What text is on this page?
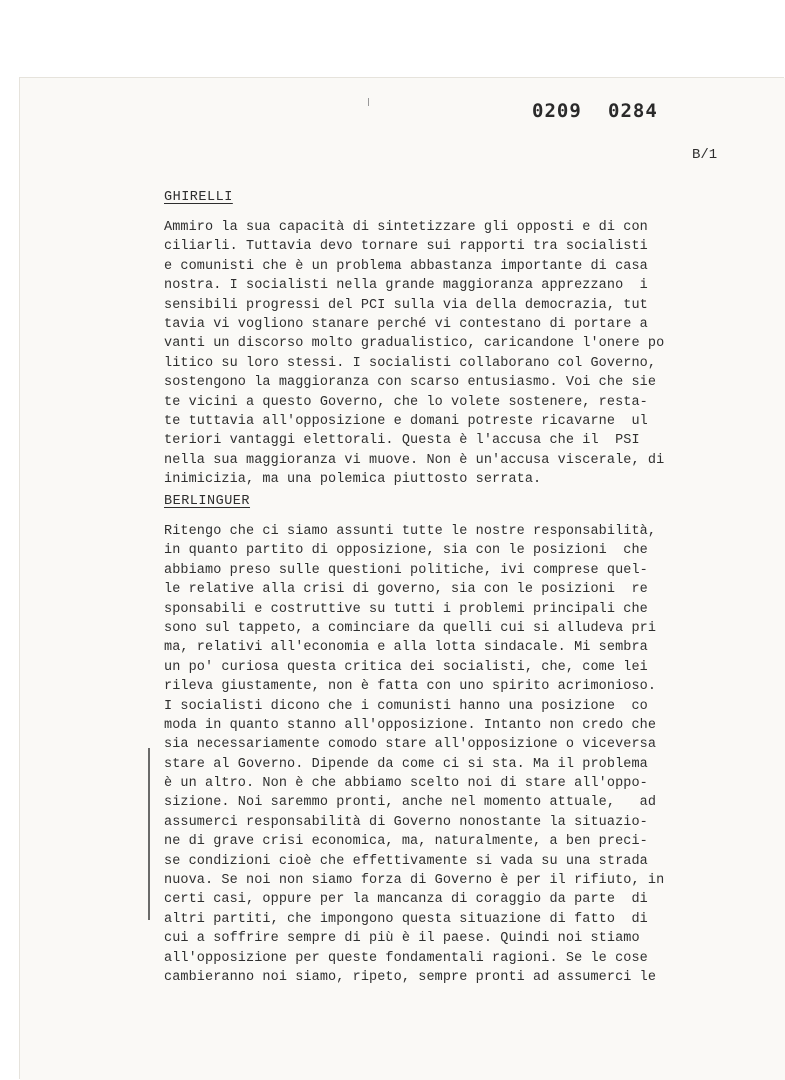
0209 0284
B/1
GHIRELLI
Ammiro la sua capacità di sintetizzare gli opposti e di con
ciliarli. Tuttavia devo tornare sui rapporti tra socialisti
e comunisti che è un problema abbastanza importante di casa
nostra. I socialisti nella grande maggioranza apprezzano  i
sensibili progressi del PCI sulla via della democrazia, tut
tavia vi vogliono stanare perché vi contestano di portare a
vanti un discorso molto gradualistico, caricandone l'onere po
litico su loro stessi. I socialisti collaborano col Governo,
sostengono la maggioranza con scarso entusiasmo. Voi che sie
te vicini a questo Governo, che lo volete sostenere, resta-
te tuttavia all'opposizione e domani potreste ricavarne  ul
teriori vantaggi elettorali. Questa è l'accusa che il  PSI
nella sua maggioranza vi muove. Non è un'accusa viscerale, di
inimicizia, ma una polemica piuttosto serrata.
BERLINGUER
Ritengo che ci siamo assunti tutte le nostre responsabilità,
in quanto partito di opposizione, sia con le posizioni  che
abbiamo preso sulle questioni politiche, ivi comprese quel-
le relative alla crisi di governo, sia con le posizioni  re
sponsabili e costruttive su tutti i problemi principali che
sono sul tappeto, a cominciare da quelli cui si alludeva pri
ma, relativi all'economia e alla lotta sindacale. Mi sembra
un po' curiosa questa critica dei socialisti, che, come lei
rileva giustamente, non è fatta con uno spirito acrimonioso.
I socialisti dicono che i comunisti hanno una posizione  co
moda in quanto stanno all'opposizione. Intanto non credo che
sia necessariamente comodo stare all'opposizione o viceversa
stare al Governo. Dipende da come ci si sta. Ma il problema
è un altro. Non è che abbiamo scelto noi di stare all'oppo-
sizione. Noi saremmo pronti, anche nel momento attuale,   ad
assumerci responsabilità di Governo nonostante la situazio-
ne di grave crisi economica, ma, naturalmente, a ben preci-
se condizioni cioè che effettivamente si vada su una strada
nuova. Se noi non siamo forza di Governo è per il rifiuto, in
certi casi, oppure per la mancanza di coraggio da parte  di
altri partiti, che impongono questa situazione di fatto  di
cui a soffrire sempre di più è il paese. Quindi noi stiamo
all'opposizione per queste fondamentali ragioni. Se le cose
cambieranno noi siamo, ripeto, sempre pronti ad assumerci le
